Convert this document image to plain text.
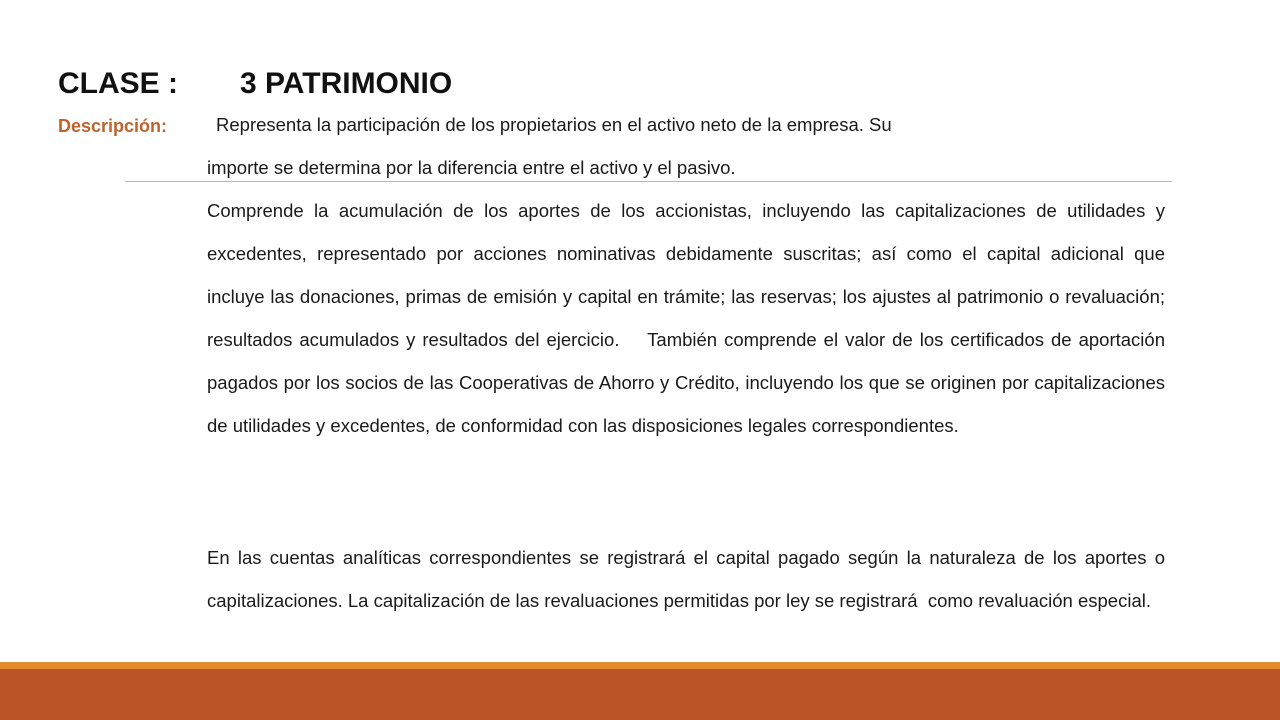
CLASE : 3 PATRIMONIO
Descripción:	Representa la participación de los propietarios en el activo neto de la empresa. Su
importe se determina por la diferencia entre el activo y el pasivo.

Comprende la acumulación de los aportes de los accionistas, incluyendo las capitalizaciones de utilidades y excedentes, representado por acciones nominativas debidamente suscritas; así como el capital adicional que incluye las donaciones, primas de emisión y capital en trámite; las reservas; los ajustes al patrimonio o revaluación; resultados acumulados y resultados del ejercicio.    También comprende el valor de los certificados de aportación pagados por los socios de las Cooperativas de Ahorro y Crédito, incluyendo los que se originen por capitalizaciones de utilidades y excedentes, de conformidad con las disposiciones legales correspondientes.

En las cuentas analíticas correspondientes se registrará el capital pagado según la naturaleza de los aportes o capitalizaciones. La capitalización de las revaluaciones permitidas por ley se registrará  como revaluación especial.
